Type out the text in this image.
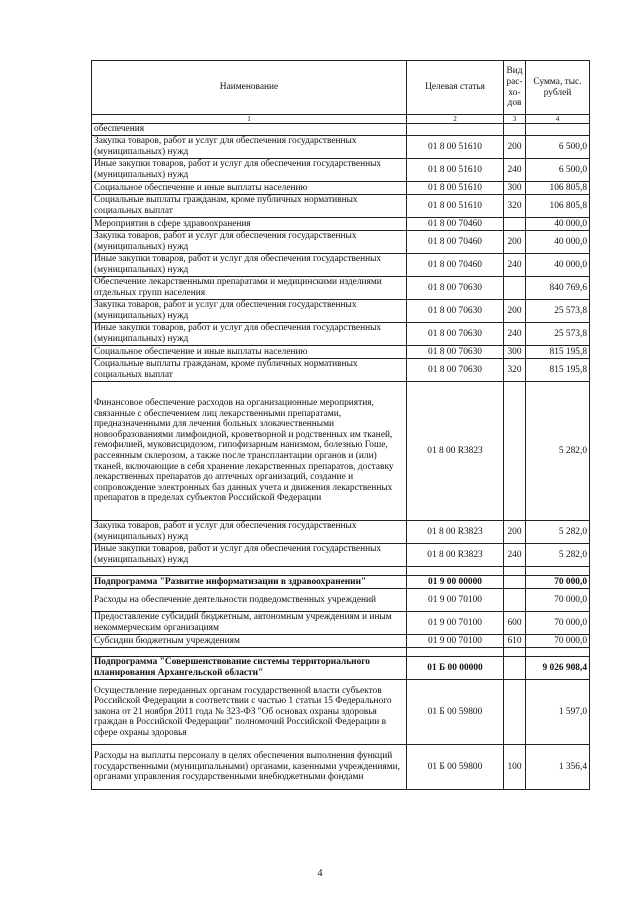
Наименование	Целевая статья	Вид рас-хо-дов	Сумма, тыс. рублей
1	2	3	4
обеспечения			
Закупка товаров, работ и услуг для обеспечения государственных (муниципальных) нужд	01 8 00 51610	200	6 500,0
Иные закупки товаров, работ и услуг для обеспечения государственных (муниципальных) нужд	01 8 00 51610	240	6 500,0
Социальное обеспечение и иные выплаты населению	01 8 00 51610	300	106 805,8
Социальные выплаты гражданам, кроме публичных нормативных социальных выплат	01 8 00 51610	320	106 805,8
Мероприятия в сфере здравоохранения	01 8 00 70460		40 000,0
Закупка товаров, работ и услуг для обеспечения государственных (муниципальных) нужд	01 8 00 70460	200	40 000,0
Иные закупки товаров, работ и услуг для обеспечения государственных (муниципальных) нужд	01 8 00 70460	240	40 000,0
Обеспечение лекарственными препаратами и медицинскими изделиями отдельных групп населения	01 8 00 70630		840 769,6
Закупка товаров, работ и услуг для обеспечения государственных (муниципальных) нужд	01 8 00 70630	200	25 573,8
Иные закупки товаров, работ и услуг для обеспечения государственных (муниципальных) нужд	01 8 00 70630	240	25 573,8
Социальное обеспечение и иные выплаты населению	01 8 00 70630	300	815 195,8
Социальные выплаты гражданам, кроме публичных нормативных социальных выплат	01 8 00 70630	320	815 195,8
Финансовое обеспечение расходов на организационные мероприятия, связанные с обеспечением лиц лекарственными препаратами, предназначенными для лечения больных злокачественными новообразованиями лимфоидной, кроветворной и родственных им тканей, гемофилией, муковисцидозом, гипофизарным нанизмом, болезнью Гоше, рассеянным склерозом, а также после трансплантации органов и (или) тканей, включающие в себя хранение лекарственных препаратов, доставку лекарственных препаратов до аптечных организаций, создание и сопровождение электронных баз данных учета и движения лекарственных препаратов в пределах субъектов Российской Федерации	01 8 00 R3823		5 282,0
Закупка товаров, работ и услуг для обеспечения государственных (муниципальных) нужд	01 8 00 R3823	200	5 282,0
Иные закупки товаров, работ и услуг для обеспечения государственных (муниципальных) нужд	01 8 00 R3823	240	5 282,0

Подпрограмма "Развитие информатизации в здравоохранении"	01 9 00 00000		70 000,0
Расходы на обеспечение деятельности подведомственных учреждений	01 9 00 70100		70 000,0
Предоставление субсидий бюджетным, автономным учреждениям и иным некоммерческим организациям	01 9 00 70100	600	70 000,0
Субсидии бюджетным учреждениям	01 9 00 70100	610	70 000,0

Подпрограмма "Совершенствование системы территориального планирования Архангельской области"	01 Б 00 00000		9 026 908,4
Осуществление переданных органам государственной власти субъектов Российской Федерации в соответствии с частью 1 статьи 15 Федерального закона от 21 ноября 2011 года № 323-ФЗ "Об основах охраны здоровья граждан в Российской Федерации" полномочий Российской Федерации в сфере охраны здоровья	01 Б 00 59800		1 597,0
Расходы на выплаты персоналу в целях обеспечения выполнения функций государственными (муниципальными) органами, казенными учреждениями, органами управления государственными внебюджетными фондами	01 Б 00 59800	100	1 356,4
4
